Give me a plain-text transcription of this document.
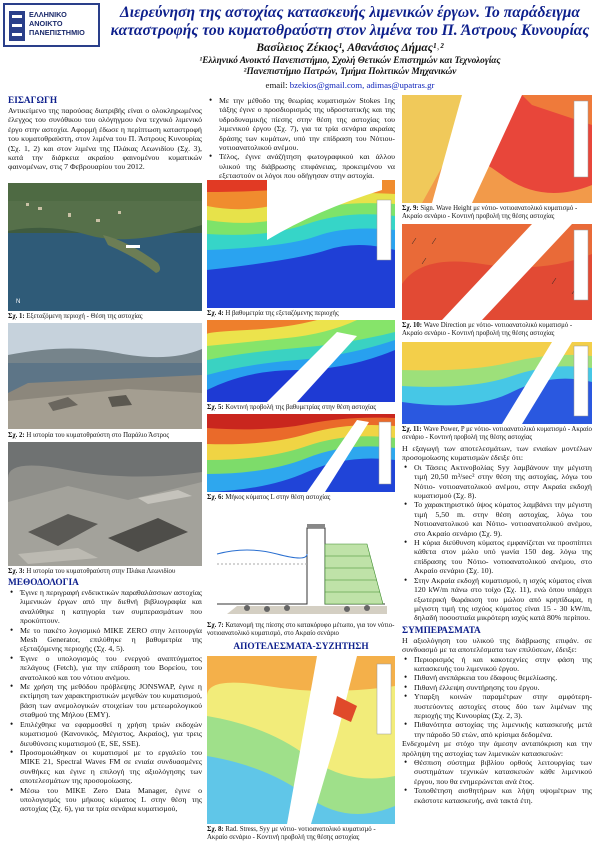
ΕΛΛΗΝΙΚΟ
ΑΝΟΙΚΤΟ
ΠΑΝΕΠΙΣΤΗΜΙΟ
Διερεύνηση της αστοχίας κατασκευής λιμενικών έργων. Το παράδειγμα καταστροφής του κυματοθραύστη στον λιμένα του Π. Άστρους Κυνουρίας
Βασίλειος Ζέκιος¹, Αθανάσιος Δήμας¹˒²
¹Ελληνικό Ανοικτό Πανεπιστήμιο, Σχολή Θετικών Επιστημών και Τεχνολογίας
²Πανεπιστήμιο Πατρών, Τμήμα Πολιτικών Μηχανικών
email: bzekios@gmail.com, adimas@upatras.gr
ΕΙΣΑΓΩΓΗ
Αντικείμενο της παρούσας διατριβής είναι ο ολοκληρωμένος έλεγχος του συνόθικου του ολόγηγμου ένα τεχνικό λιμενικό έργο στην αστοχία. Αφορμή έδωσε η περίπτωση καταστροφή του κυματοθραύστη, στον λιμένα του Π. Άστρους Κυνουρίας (Σχ. 1, 2) και στον λιμένα της Πλάκας Λεωνιδίου (Σχ. 3), κατά την διάρκεια ακραίου φαινομένου κυματικών φαινομένων, στις 7 Φεβρουαρίου του 2012.
N
Σχ. 1: Εξεταζόμενη περιοχή - Θέση της αστοχίας
Σχ. 2: Η ιστορία του κυματοθραύστη στο Παράλιο Άστρος
Σχ. 3: Η ιστορία του κυματοθραύστη στην Πλάκα Λεωνιδίου
ΜΕΘΟΔΟΛΟΓΙΑ
• Έγινε η περιγραφή ενδεικτικών παραθαλάσσιων αστοχίας λιμενικών έργων από την διεθνή βιβλιογραφία και αναλύθηκε η κατηγορία των συμπερασμάτων που προκύπτουν.
• Με το πακέτο λογισμικό MIKE ZERO στην λειτουργία Mesh Generator, επιλύθηκε η βαθυμετρία της εξεταζόμενης περιοχής (Σχ. 4, 5).
• Έγινε ο υπολογισμός του ενεργού αναπτύγματος πελάγους (Fetch), για την επίδραση του Βορείου, του ανατολικού και του νότιου ανέμου.
• Με χρήση της μεθόδου πρόβλεψης JONSWAP, έγινε η εκτίμηση των χαρακτηριστικών μεγεθών του κυματισμού, βάση των ανεμολογικών στοιχείων του μετεωρολογικού σταθμού της Μήλου (ΕΜΥ).
• Επιλέχθηκε να εφαρμοσθεί η χρήση τριών εκδοχών κυματισμού (Κανονικός, Μέγιστος, Ακραίος), για τρεις διευθύνσεις κυματισμού (E, SE, SSE).
• Προσομοιώθηκαν οι κυματισμοί με το εργαλείο του MIKE 21, Spectral Waves FM σε ενιαία συνδυασμένες συνθήκες και έγινε η επιλογή της αξιολόγησης των αποτελεσμάτων της προσομοίωσης.
• Μέσω του MIKE Zero Data Manager, έγινε ο υπολογισμός του μήκους κύματος L στην θέση της αστοχίας (Σχ. 6), για τα τρία σενάρια κυματισμού,
• Με την μέθοδο της θεωρίας κυματισμών Stokes 1ης τάξης έγινε ο προσδιορισμός της υδροστατικής και της υδροδυναμικής πίεσης στην θέση της αστοχίας του λιμενικού έργου (Σχ. 7), για τα τρία σενάρια ακραίας δράσης των κυμάτων, υπό την επίδραση του Νότιου- νοτιοανατολικού ανέμου.
• Τέλος, έγινε ανάζήτηση φωτογραφικού και άλλου υλικού της διάβρωσης επιφάνειας, προκειμένου να εξεταστούν οι λόγοι που οδήγησαν στην αστοχία.
Σχ. 4: Η βαθυμετρία της εξεταζόμενης περιοχής
Σχ. 5: Κοντινή προβολή της βαθυμετρίας στην θέση αστοχίας
Σχ. 6: Μήκος κύματος L στην θέση αστοχίας
Σχ. 7: Κατανομή της πίεσης στο κατακόρυφο μέτωπο, για τον νότιο- νοτιοανατολικό κυματισμό, στο Ακραίο σενάριο
ΑΠΟΤΕΛΕΣΜΑΤΑ-ΣΥΖΗΤΗΣΗ
Σχ. 8: Rad. Stress, Syy με νότιο- νοτιοανατολικό κυματισμό - Ακραίο σενάριο - Κοντινή προβολή της θέσης αστοχίας
Σχ. 9: Sign. Wave Height με νότιο- νοτιοανατολικό κυματισμό - Ακραίο σενάριο - Κοντινή προβολή της θέσης αστοχίας
Σχ. 10: Wave Direction με νότιο- νοτιοανατολικό κυματισμό - Ακραίο σενάριο - Κοντινή προβολή της θέσης αστοχίας
Σχ. 11: Wave Power, P με νότιο- νοτιοανατολικό κυματισμό - Ακραίο σενάριο - Κοντινή προβολή της θέσης αστοχίας
Η εξαγωγή των αποτελεσμάτων, των ενιαίων μοντέλων προσομοίωσης κυματισμών έδειξε ότι:
• Οι Τάσεις Ακτινοβολίας Syy λαμβάνουν την μέγιστη τιμή 20,50 m³/sec² στην θέση της αστοχίας, λόγω του Νότιο- νοτιοανατολικού ανέμου, στην Ακραία εκδοχή κυματισμού (Σχ. 8).
• Το χαρακτηριστικό ύψος κύματος λαμβάνει την μέγιστη τιμή 5,50 m. στην θέση αστοχίας, λόγω του Νοτιοανατολικού και Νότιο- νοτιοανατολικού ανέμου, στο Ακραίο σενάριο (Σχ. 9).
• Η κύρια διεύθυνση κύματος εμφανίζεται να προσπίπτει κάθετα στον μώλο υπό γωνία 150 deg. λόγω της επίδρασης του Νότιο- νοτιοανατολικού ανέμου, στο Ακραίο σενάριο (Σχ. 10).
• Στην Ακραία εκδοχή κυματισμού, η ισχύς κύματος είναι 120 kW/m πάνω στο τοίχο (Σχ. 11), ενώ όπου υπάρχει εξωτερική θωράκιση του μώλου από κρηπίδωμα, η μέγιστη τιμή της ισχύος κύματος είναι 15 - 30 kW/m, δηλαδή ποσοστιαία μικρότερη ισχύς κατά 80% περίπου.
ΣΥΜΠΕΡΑΣΜΑΤΑ
Η αξιολόγηση του υλικού της διάβρωσης επιφάν. σε συνδυασμό με τα αποτελέσματα των επιλύσεων, έδειξε:
• Περιορισμός ή και κακοτεχνίες στην φάση της κατασκευής του λιμενικού έργου.
• Πιθανή ανεπάρκεια του έδαφους θεμελίωσης.
• Πιθανή έλλειψη συντήρησης του έργου.
• Υπαρξη κοινών παραμέτρων στην αμφότερη- πυστεύοντες αστοχίες στους δύο των λιμένων της περιοχής της Κυνουρίας (Σχ. 2, 3).
• Πιθανότητα αστοχίας της λιμενικής κατασκευής μετά την πάροδο 50 ετών, από κρίσιμα δεδομένα.
Ενδεχομένη με στόχο την άμεσην ανταπόκριση και την πρόληψη της αστοχίας των λιμενικών κατασκευών:
• Θέσπιση σύστημα βιβλίου ορθούς λειτουργίας των συστημάτων τεχνικών κατασκευών κάθε λιμενικού έργου, που θα ενημερώνεται ανά έτος.
• Τοποθέτηση αισθητήρων και λήψη υψομέτρων της εκάστοτε κατασκευής, ανά τακτά έτη.
